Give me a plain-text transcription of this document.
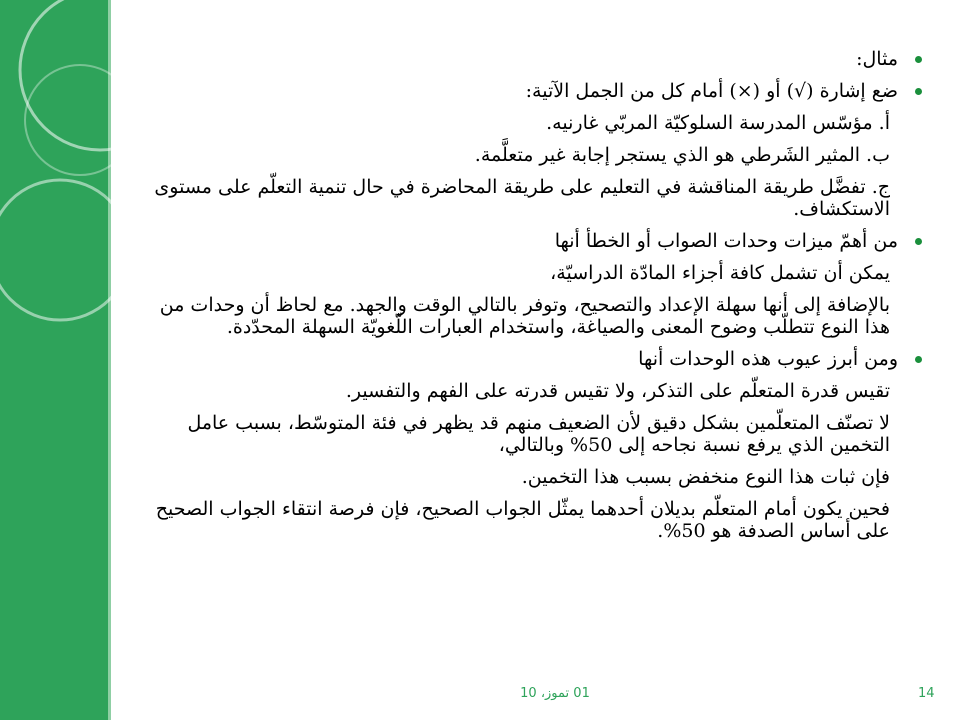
مثال:
ضع إشارة (√) أو (×) أمام كل من الجمل الآتية:
أ. مؤسّس المدرسة السلوكيّة المربّي غارنيه.
ب. المثير الشَرطي هو الذي يستجر إجابة غير متعلَّمة.
ج. تفضَّل طريقة المناقشة في التعليم على طريقة المحاضرة في حال تنمية التعلّم على مستوى الاستكشاف.
من أهمّ ميزات وحدات الصواب أو الخطأ أنها
يمكن أن تشمل كافة أجزاء المادّة الدراسيّة،
بالإضافة إلى أنها سهلة الإعداد والتصحيح، وتوفر بالتالي الوقت والجهد. مع لحاظ أن وحدات من هذا النوع تتطلّب وضوح المعنى والصياغة، واستخدام العبارات اللّغويّة السهلة المحدّدة.
ومن أبرز عيوب هذه الوحدات أنها
تقيس قدرة المتعلّم على التذكر، ولا تقيس قدرته على الفهم والتفسير.
لا تصنّف المتعلّمين بشكل دقيق لأن الضعيف منهم قد يظهر في فئة المتوسّط، بسبب عامل التخمين الذي يرفع نسبة نجاحه إلى 50% وبالتالي،
فإن ثبات هذا النوع منخفض بسبب هذا التخمين.
فحين يكون أمام المتعلّم بديلان أحدهما يمثّل الجواب الصحيح، فإن فرصة انتقاء الجواب الصحيح على أساس الصدفة هو 50%.
01 تموز، 10	14
